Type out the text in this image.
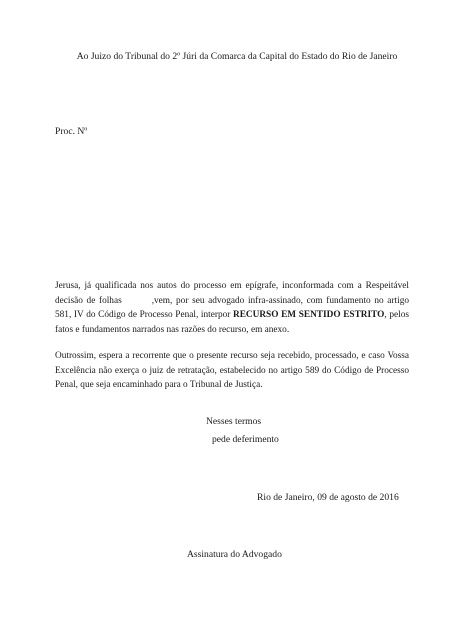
Ao Juizo do Tribunal do 2º Júri da Comarca da Capital do Estado do Rio de Janeiro
Proc. Nº
Jerusa, já qualificada nos autos do processo em epígrafe, inconformada com a Respeitável decisão de folhas	,vem, por seu advogado infra-assinado, com fundamento no artigo 581, IV do Código de Processo Penal, interpor RECURSO EM SENTIDO ESTRITO, pelos fatos e fundamentos narrados nas razões do recurso, em anexo.
Outrossim, espera a recorrente que o presente recurso seja recebido, processado, e caso Vossa Excelência não exerça o juiz de retratação, estabelecido no artigo 589 do Código de Processo Penal, que seja encaminhado para o Tribunal de Justiça.
Nesses termos
pede deferimento
Rio de Janeiro, 09 de agosto de 2016
Assinatura do Advogado
